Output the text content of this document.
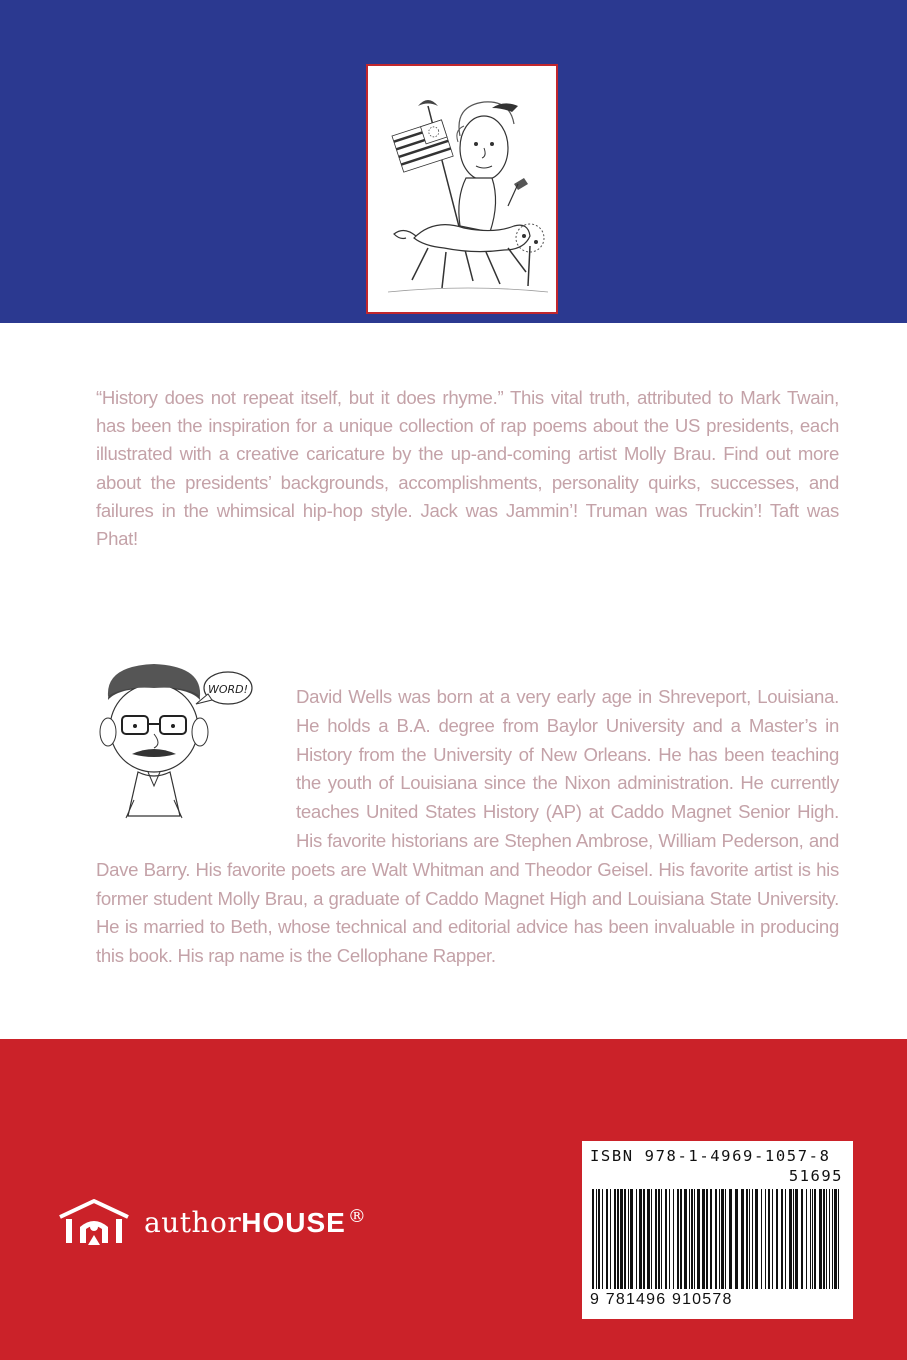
“History does not repeat itself, but it does rhyme.” This vital truth, attributed to Mark Twain, has been the inspiration for a unique collection of rap poems about the US presidents, each illustrated with a creative caricature by the up-and-coming artist Molly Brau. Find out more about the presidents’ backgrounds, accomplishments, personality quirks, successes, and failures in the whimsical hip-hop style. Jack was Jammin’! Truman was Truckin’! Taft was Phat!
WORD!	David Wells was born at a very early age in Shreveport, Louisiana. He holds a B.A. degree from Baylor University and a Master’s in History from the University of New Orleans. He has been teaching the youth of Louisiana since the Nixon administration. He currently teaches United States History (AP) at Caddo Magnet Senior High. His favorite historians are Stephen Ambrose, William Pederson, and Dave Barry. His favorite poets are Walt Whitman and Theodor Geisel. His favorite artist is his former student Molly Brau, a graduate of Caddo Magnet High and Louisiana State University. He is married to Beth, whose technical and editorial advice has been invaluable in producing this book. His rap name is the Cellophane Rapper.
authorHOUSE ®
ISBN 978-1-4969-1057-8
51695
9 781496 910578
